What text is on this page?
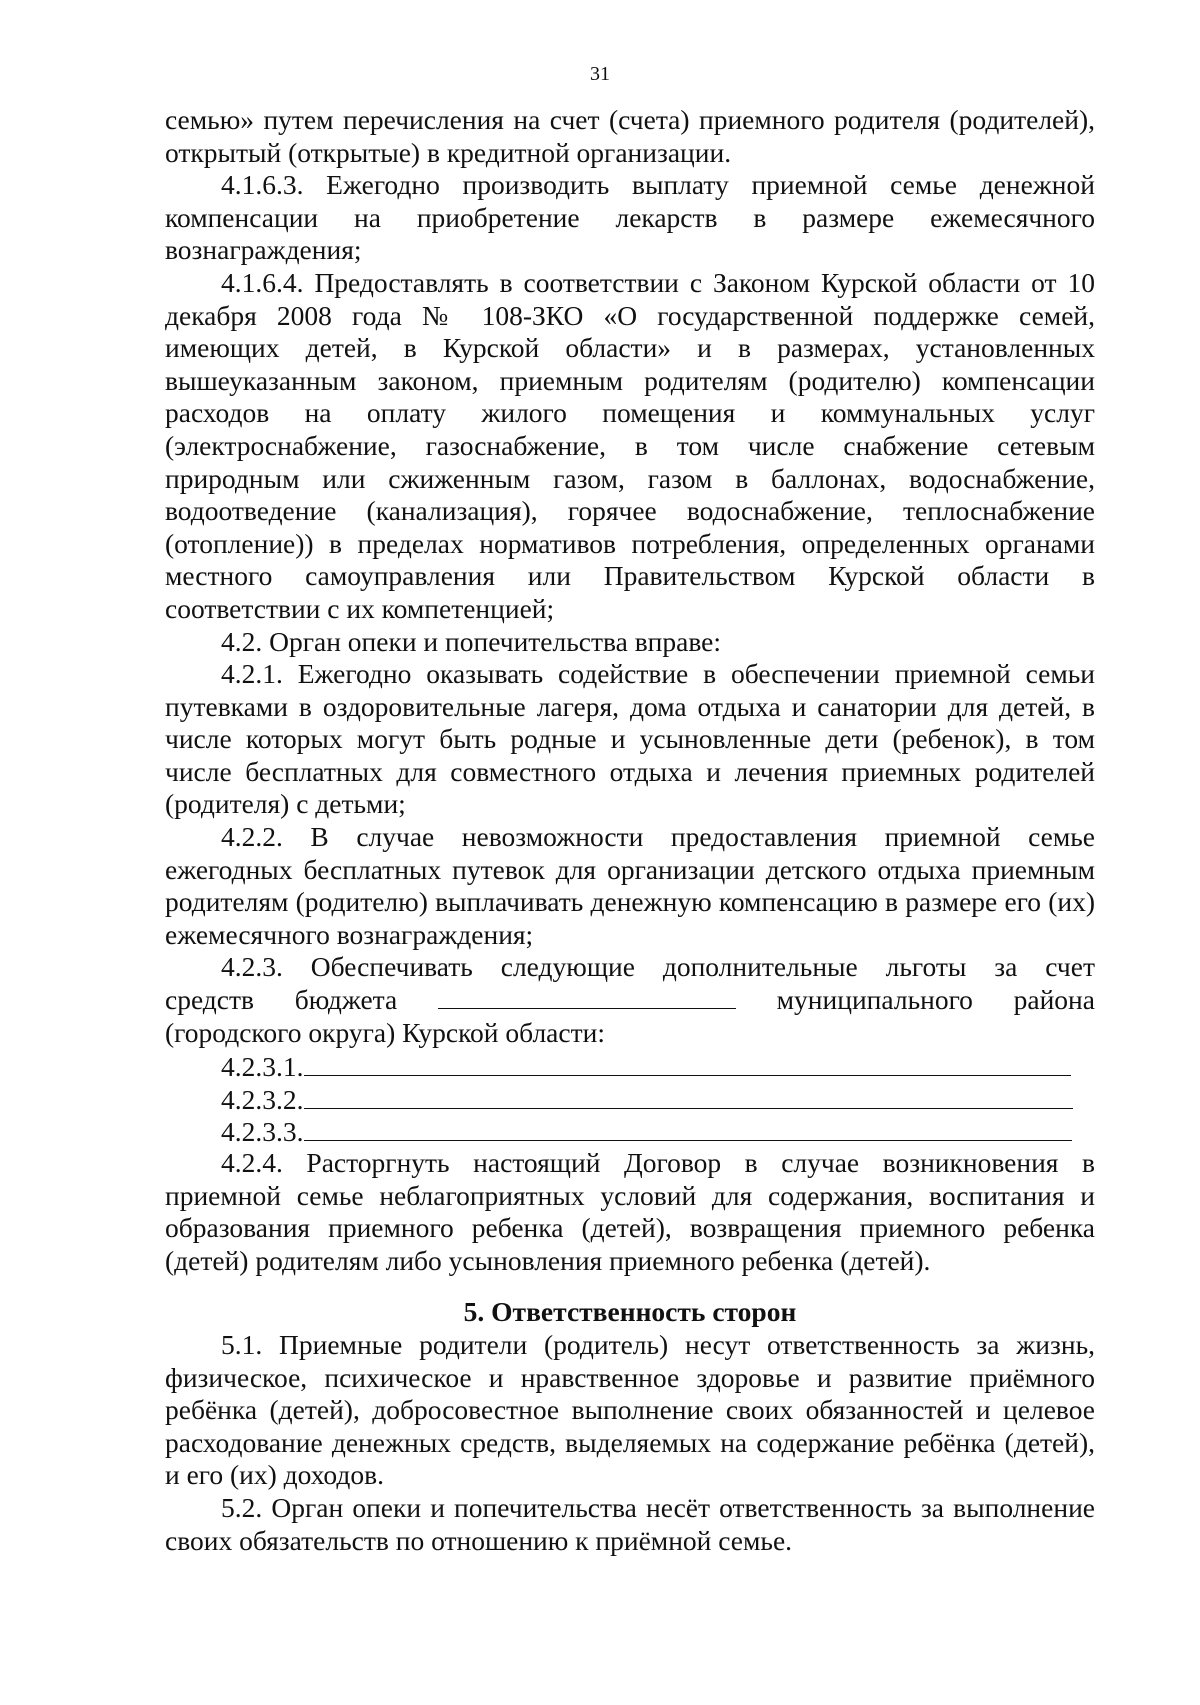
31

семью» путем перечисления на счет (счета) приемного родителя (родителей), открытый (открытые) в кредитной организации.

4.1.6.3. Ежегодно производить выплату приемной семье денежной компенсации на приобретение лекарств в размере ежемесячного вознаграждения;

4.1.6.4. Предоставлять в соответствии с Законом Курской области от 10 декабря 2008 года № 108-ЗКО «О государственной поддержке семей, имеющих детей, в Курской области» и в размерах, установленных вышеуказанным законом, приемным родителям (родителю) компенсации расходов на оплату жилого помещения и коммунальных услуг (электроснабжение, газоснабжение, в том числе снабжение сетевым природным или сжиженным газом, газом в баллонах, водоснабжение, водоотведение (канализация), горячее водоснабжение, теплоснабжение (отопление)) в пределах нормативов потребления, определенных органами местного самоуправления или Правительством Курской области в соответствии с их компетенцией;

4.2. Орган опеки и попечительства вправе:

4.2.1. Ежегодно оказывать содействие в обеспечении приемной семьи путевками в оздоровительные лагеря, дома отдыха и санатории для детей, в числе которых могут быть родные и усыновленные дети (ребенок), в том числе бесплатных для совместного отдыха и лечения приемных родителей (родителя) с детьми;

4.2.2. В случае невозможности предоставления приемной семье ежегодных бесплатных путевок для организации детского отдыха приемным родителям (родителю) выплачивать денежную компенсацию в размере его (их) ежемесячного вознаграждения;

4.2.3. Обеспечивать следующие дополнительные льготы за счет

средств бюджета	муниципального района

(городского округа) Курской области:

4.2.3.1.
4.2.3.2.
4.2.3.3.

4.2.4. Расторгнуть настоящий Договор в случае возникновения в приемной семье неблагоприятных условий для содержания, воспитания и образования приемного ребенка (детей), возвращения приемного ребенка (детей) родителям либо усыновления приемного ребенка (детей).

5. Ответственность сторон

5.1. Приемные родители (родитель) несут ответственность за жизнь, физическое, психическое и нравственное здоровье и развитие приёмного ребёнка (детей), добросовестное выполнение своих обязанностей и целевое расходование денежных средств, выделяемых на содержание ребёнка (детей), и его (их) доходов.

5.2. Орган опеки и попечительства несёт ответственность за выполнение своих обязательств по отношению к приёмной семье.
